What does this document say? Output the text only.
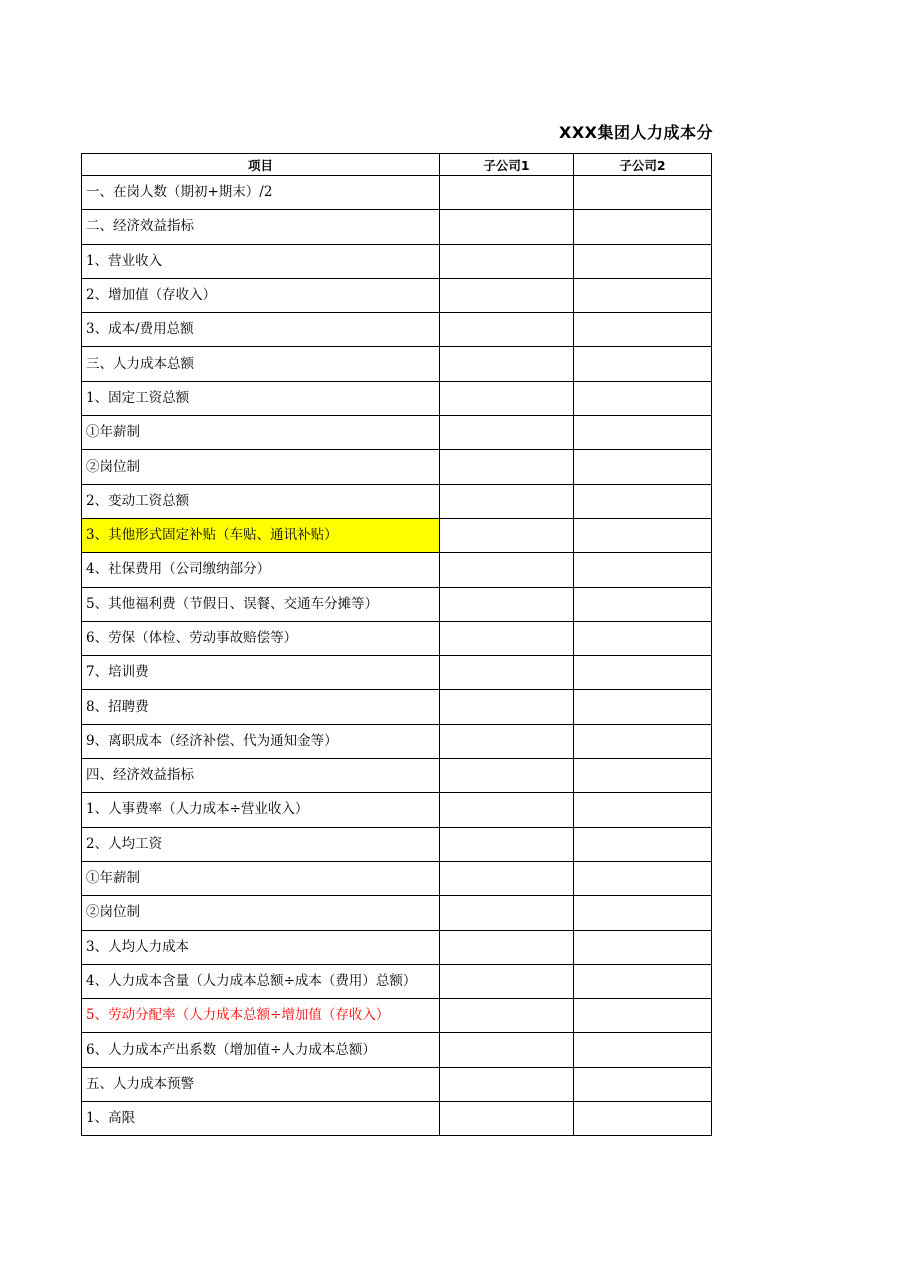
XXX集团人力成本分
项目	子公司1	子公司2
一、在岗人数（期初+期末）/2		
二、经济效益指标		
1、营业收入		
2、增加值（存收入）		
3、成本/费用总额		
三、人力成本总额		
1、固定工资总额		
①年薪制		
②岗位制		
2、变动工资总额		
3、其他形式固定补贴（车贴、通讯补贴）		
4、社保费用（公司缴纳部分）		
5、其他福利费（节假日、误餐、交通车分摊等）		
6、劳保（体检、劳动事故赔偿等）		
7、培训费		
8、招聘费		
9、离职成本（经济补偿、代为通知金等）		
四、经济效益指标		
1、人事费率（人力成本÷营业收入）		
2、人均工资		
①年薪制		
②岗位制		
3、人均人力成本		
4、人力成本含量（人力成本总额÷成本（费用）总额）		
5、劳动分配率（人力成本总额÷增加值（存收入）		
6、人力成本产出系数（增加值÷人力成本总额）		
五、人力成本预警		
1、高限		
